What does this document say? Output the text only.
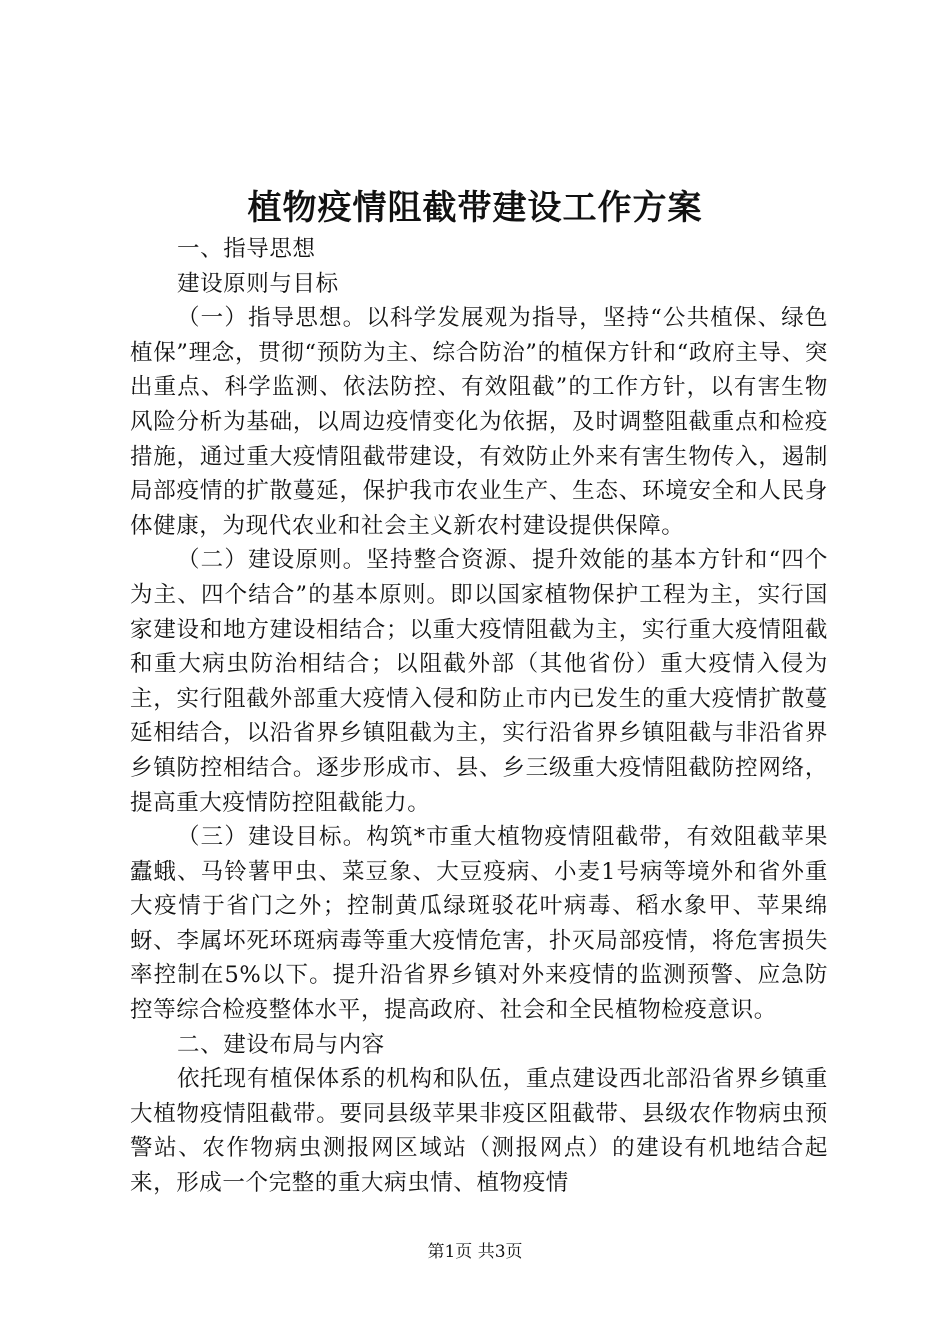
植物疫情阻截带建设工作方案

一、指导思想

建设原则与目标

（一）指导思想。以科学发展观为指导，坚持“公共植保、绿色植保”理念，贯彻“预防为主、综合防治”的植保方针和“政府主导、突出重点、科学监测、依法防控、有效阻截”的工作方针，以有害生物风险分析为基础，以周边疫情变化为依据，及时调整阻截重点和检疫措施，通过重大疫情阻截带建设，有效防止外来有害生物传入，遏制局部疫情的扩散蔓延，保护我市农业生产、生态、环境安全和人民身体健康，为现代农业和社会主义新农村建设提供保障。

（二）建设原则。坚持整合资源、提升效能的基本方针和“四个为主、四个结合”的基本原则。即以国家植物保护工程为主，实行国家建设和地方建设相结合；以重大疫情阻截为主，实行重大疫情阻截和重大病虫防治相结合；以阻截外部（其他省份）重大疫情入侵为主，实行阻截外部重大疫情入侵和防止市内已发生的重大疫情扩散蔓延相结合，以沿省界乡镇阻截为主，实行沿省界乡镇阻截与非沿省界乡镇防控相结合。逐步形成市、县、乡三级重大疫情阻截防控网络，提高重大疫情防控阻截能力。

（三）建设目标。构筑*市重大植物疫情阻截带，有效阻截苹果蠹蛾、马铃薯甲虫、菜豆象、大豆疫病、小麦1号病等境外和省外重大疫情于省门之外；控制黄瓜绿斑驳花叶病毒、稻水象甲、苹果绵蚜、李属坏死环斑病毒等重大疫情危害，扑灭局部疫情，将危害损失率控制在5%以下。提升沿省界乡镇对外来疫情的监测预警、应急防控等综合检疫整体水平，提高政府、社会和全民植物检疫意识。

二、建设布局与内容

依托现有植保体系的机构和队伍，重点建设西北部沿省界乡镇重大植物疫情阻截带。要同县级苹果非疫区阻截带、县级农作物病虫预警站、农作物病虫测报网区域站（测报网点）的建设有机地结合起来，形成一个完整的重大病虫情、植物疫情

第1页 共3页
